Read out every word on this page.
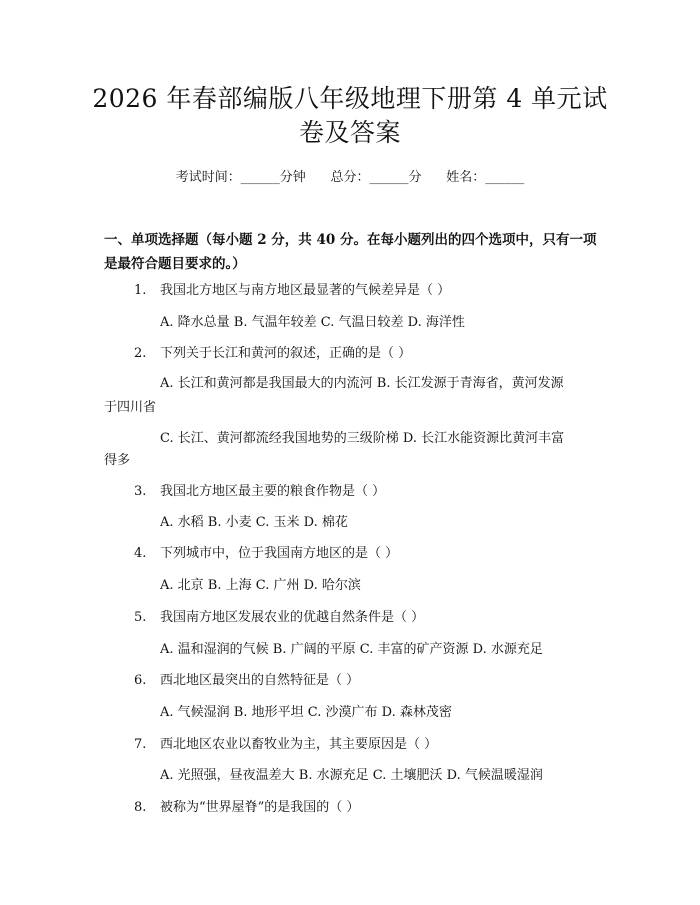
2026 年春部编版八年级地理下册第 4 单元试
卷及答案
考试时间：______分钟      总分：______分      姓名：______
一、单项选择题（每小题 2 分，共 40 分。在每小题列出的四个选项中，只有一项
是最符合题目要求的。）
1.	我国北方地区与南方地区最显著的气候差异是（ ）
A. 降水总量 B. 气温年较差 C. 气温日较差 D. 海洋性
2.	下列关于长江和黄河的叙述，正确的是（ ）
A. 长江和黄河都是我国最大的内流河 B. 长江发源于青海省，黄河发源
于四川省
C. 长江、黄河都流经我国地势的三级阶梯 D. 长江水能资源比黄河丰富
得多
3.	我国北方地区最主要的粮食作物是（ ）
A. 水稻 B. 小麦 C. 玉米 D. 棉花
4.	下列城市中，位于我国南方地区的是（ ）
A. 北京 B. 上海 C. 广州 D. 哈尔滨
5.	我国南方地区发展农业的优越自然条件是（ ）
A. 温和湿润的气候 B. 广阔的平原 C. 丰富的矿产资源 D. 水源充足
6.	西北地区最突出的自然特征是（ ）
A. 气候湿润 B. 地形平坦 C. 沙漠广布 D. 森林茂密
7.	西北地区农业以畜牧业为主，其主要原因是（ ）
A. 光照强，昼夜温差大 B. 水源充足 C. 土壤肥沃 D. 气候温暖湿润
8.	被称为“世界屋脊”的是我国的（ ）
